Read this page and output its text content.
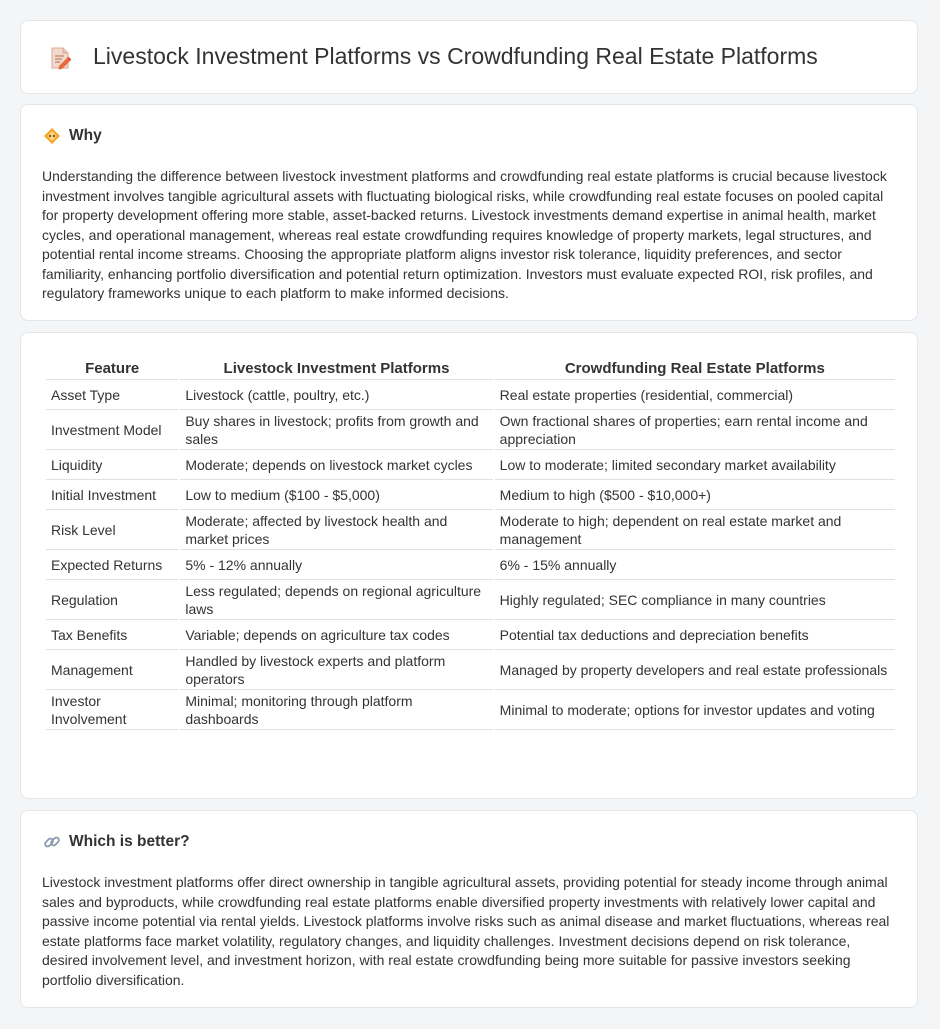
Livestock Investment Platforms vs Crowdfunding Real Estate Platforms
Why

Understanding the difference between livestock investment platforms and crowdfunding real estate platforms is crucial because livestock investment involves tangible agricultural assets with fluctuating biological risks, while crowdfunding real estate focuses on pooled capital for property development offering more stable, asset-backed returns. Livestock investments demand expertise in animal health, market cycles, and operational management, whereas real estate crowdfunding requires knowledge of property markets, legal structures, and potential rental income streams. Choosing the appropriate platform aligns investor risk tolerance, liquidity preferences, and sector familiarity, enhancing portfolio diversification and potential return optimization. Investors must evaluate expected ROI, risk profiles, and regulatory frameworks unique to each platform to make informed decisions.

Feature	Livestock Investment Platforms	Crowdfunding Real Estate Platforms
Asset Type	Livestock (cattle, poultry, etc.)	Real estate properties (residential, commercial)
Investment Model	Buy shares in livestock; profits from growth and sales	Own fractional shares of properties; earn rental income and appreciation
Liquidity	Moderate; depends on livestock market cycles	Low to moderate; limited secondary market availability
Initial Investment	Low to medium ($100 - $5,000)	Medium to high ($500 - $10,000+)
Risk Level	Moderate; affected by livestock health and market prices	Moderate to high; dependent on real estate market and management
Expected Returns	5% - 12% annually	6% - 15% annually
Regulation	Less regulated; depends on regional agriculture laws	Highly regulated; SEC compliance in many countries
Tax Benefits	Variable; depends on agriculture tax codes	Potential tax deductions and depreciation benefits
Management	Handled by livestock experts and platform operators	Managed by property developers and real estate professionals
Investor Involvement	Minimal; monitoring through platform dashboards	Minimal to moderate; options for investor updates and voting
Which is better?

Livestock investment platforms offer direct ownership in tangible agricultural assets, providing potential for steady income through animal sales and byproducts, while crowdfunding real estate platforms enable diversified property investments with relatively lower capital and passive income potential via rental yields. Livestock platforms involve risks such as animal disease and market fluctuations, whereas real estate platforms face market volatility, regulatory changes, and liquidity challenges. Investment decisions depend on risk tolerance, desired involvement level, and investment horizon, with real estate crowdfunding being more suitable for passive investors seeking portfolio diversification.
